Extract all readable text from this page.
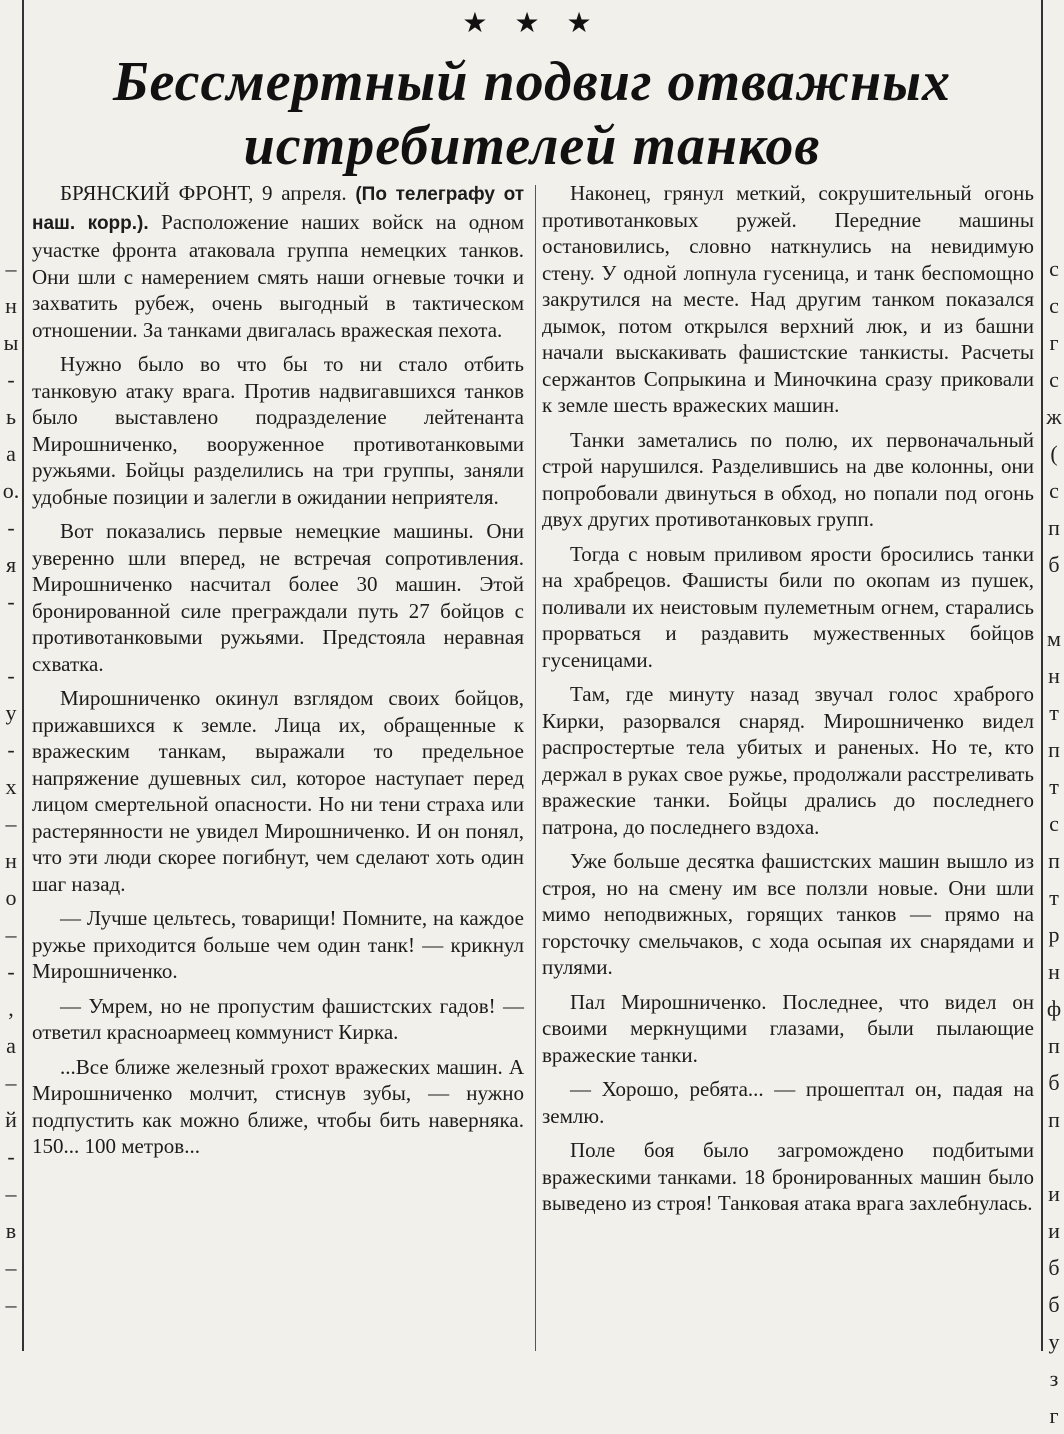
–
н
ы
-
ь
а
о.
-
я
-

-
у
-
х
–
н
о
–
-
,
а
–
й
-
–
в
–
–
с
с
г
с
ж
(
с
п
б

м
н
т
п
т
с
п
т
р
н
ф
п
б
п

и
и
б
б
у
з
г
★ ★ ★
Бессмертный подвиг отважных истребителей танков

БРЯНСКИЙ ФРОНТ, 9 апреля. (По телеграфу от наш. корр.). Расположение наших войск на одном участке фронта атаковала группа немецких танков. Они шли с намерением смять наши огневые точки и захватить рубеж, очень выгодный в тактическом отношении. За танками двигалась вражеская пехота.

Нужно было во что бы то ни стало отбить танковую атаку врага. Против надвигавшихся танков было выставлено подразделение лейтенанта Мирошниченко, вооруженное противотанковыми ружьями. Бойцы разделились на три группы, заняли удобные позиции и залегли в ожидании неприятеля.

Вот показались первые немецкие машины. Они уверенно шли вперед, не встречая сопротивления. Мирошниченко насчитал более 30 машин. Этой бронированной силе преграждали путь 27 бойцов с противотанковыми ружьями. Предстояла неравная схватка.

Мирошниченко окинул взглядом своих бойцов, прижавшихся к земле. Лица их, обращенные к вражеским танкам, выражали то предельное напряжение душевных сил, которое наступает перед лицом смертельной опасности. Но ни тени страха или растерянности не увидел Мирошниченко. И он понял, что эти люди скорее погибнут, чем сделают хоть один шаг назад.

— Лучше цельтесь, товарищи! Помните, на каждое ружье приходится больше чем один танк! — крикнул Мирошниченко.

— Умрем, но не пропустим фашистских гадов! — ответил красноармеец коммунист Кирка.

...Все ближе железный грохот вражеских машин. А Мирошниченко молчит, стиснув зубы, — нужно подпустить как можно ближе, чтобы бить наверняка. 150... 100 метров...

Наконец, грянул меткий, сокрушительный огонь противотанковых ружей. Передние машины остановились, словно наткнулись на невидимую стену. У одной лопнула гусеница, и танк беспомощно закрутился на месте. Над другим танком показался дымок, потом открылся верхний люк, и из башни начали выскакивать фашистские танкисты. Расчеты сержантов Сопрыкина и Миночкина сразу приковали к земле шесть вражеских машин.

Танки заметались по полю, их первоначальный строй нарушился. Разделившись на две колонны, они попробовали двинуться в обход, но попали под огонь двух других противотанковых групп.

Тогда с новым приливом ярости бросились танки на храбрецов. Фашисты били по окопам из пушек, поливали их неистовым пулеметным огнем, старались прорваться и раздавить мужественных бойцов гусеницами.

Там, где минуту назад звучал голос храброго Кирки, разорвался снаряд. Мирошниченко видел распростертые тела убитых и раненых. Но те, кто держал в руках свое ружье, продолжали расстреливать вражеские танки. Бойцы дрались до последнего патрона, до последнего вздоха.

Уже больше десятка фашистских машин вышло из строя, но на смену им все ползли новые. Они шли мимо неподвижных, горящих танков — прямо на горсточку смельчаков, с хода осыпая их снарядами и пулями.

Пал Мирошниченко. Последнее, что видел он своими меркнущими глазами, были пылающие вражеские танки.

— Хорошо, ребята... — прошептал он, падая на землю.

Поле боя было загромождено подбитыми вражескими танками. 18 бронированных машин было выведено из строя! Танковая атака врага захлебнулась.
